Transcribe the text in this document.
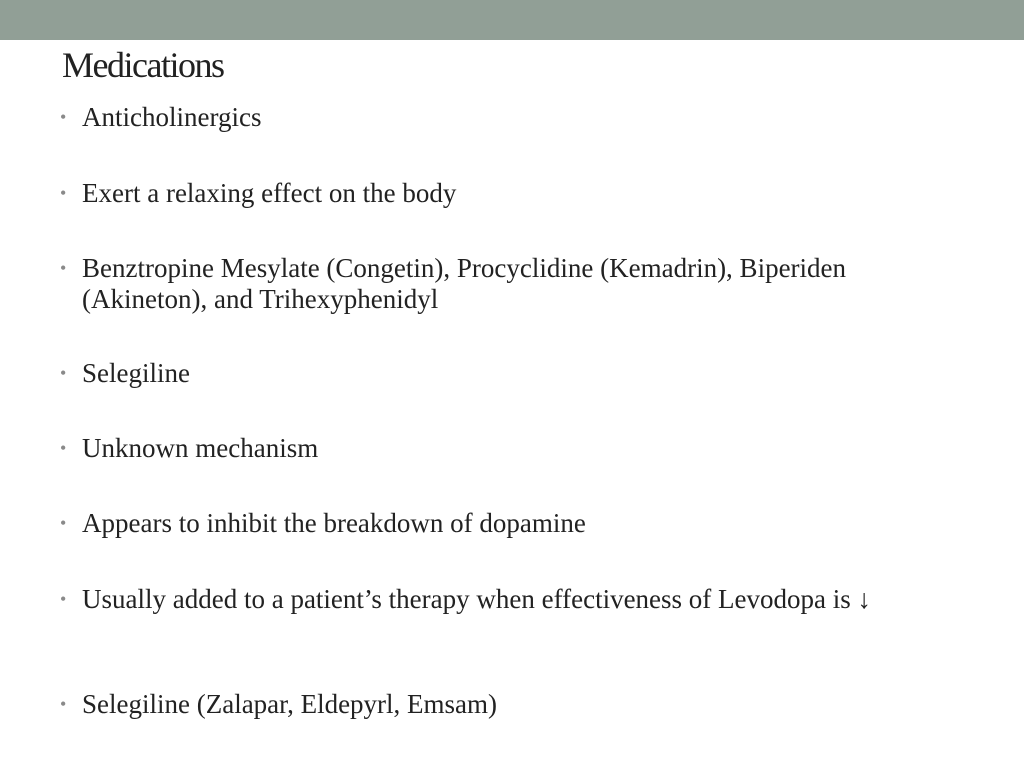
Medications
• Anticholinergics
• Exert a relaxing effect on the body
• Benztropine Mesylate (Congetin), Procyclidine (Kemadrin), Biperiden (Akineton), and Trihexyphenidyl
• Selegiline
• Unknown mechanism
• Appears to inhibit the breakdown of dopamine
• Usually added to a patient’s therapy when effectiveness of Levodopa is ↓
• Selegiline (Zalapar, Eldepyrl, Emsam)
